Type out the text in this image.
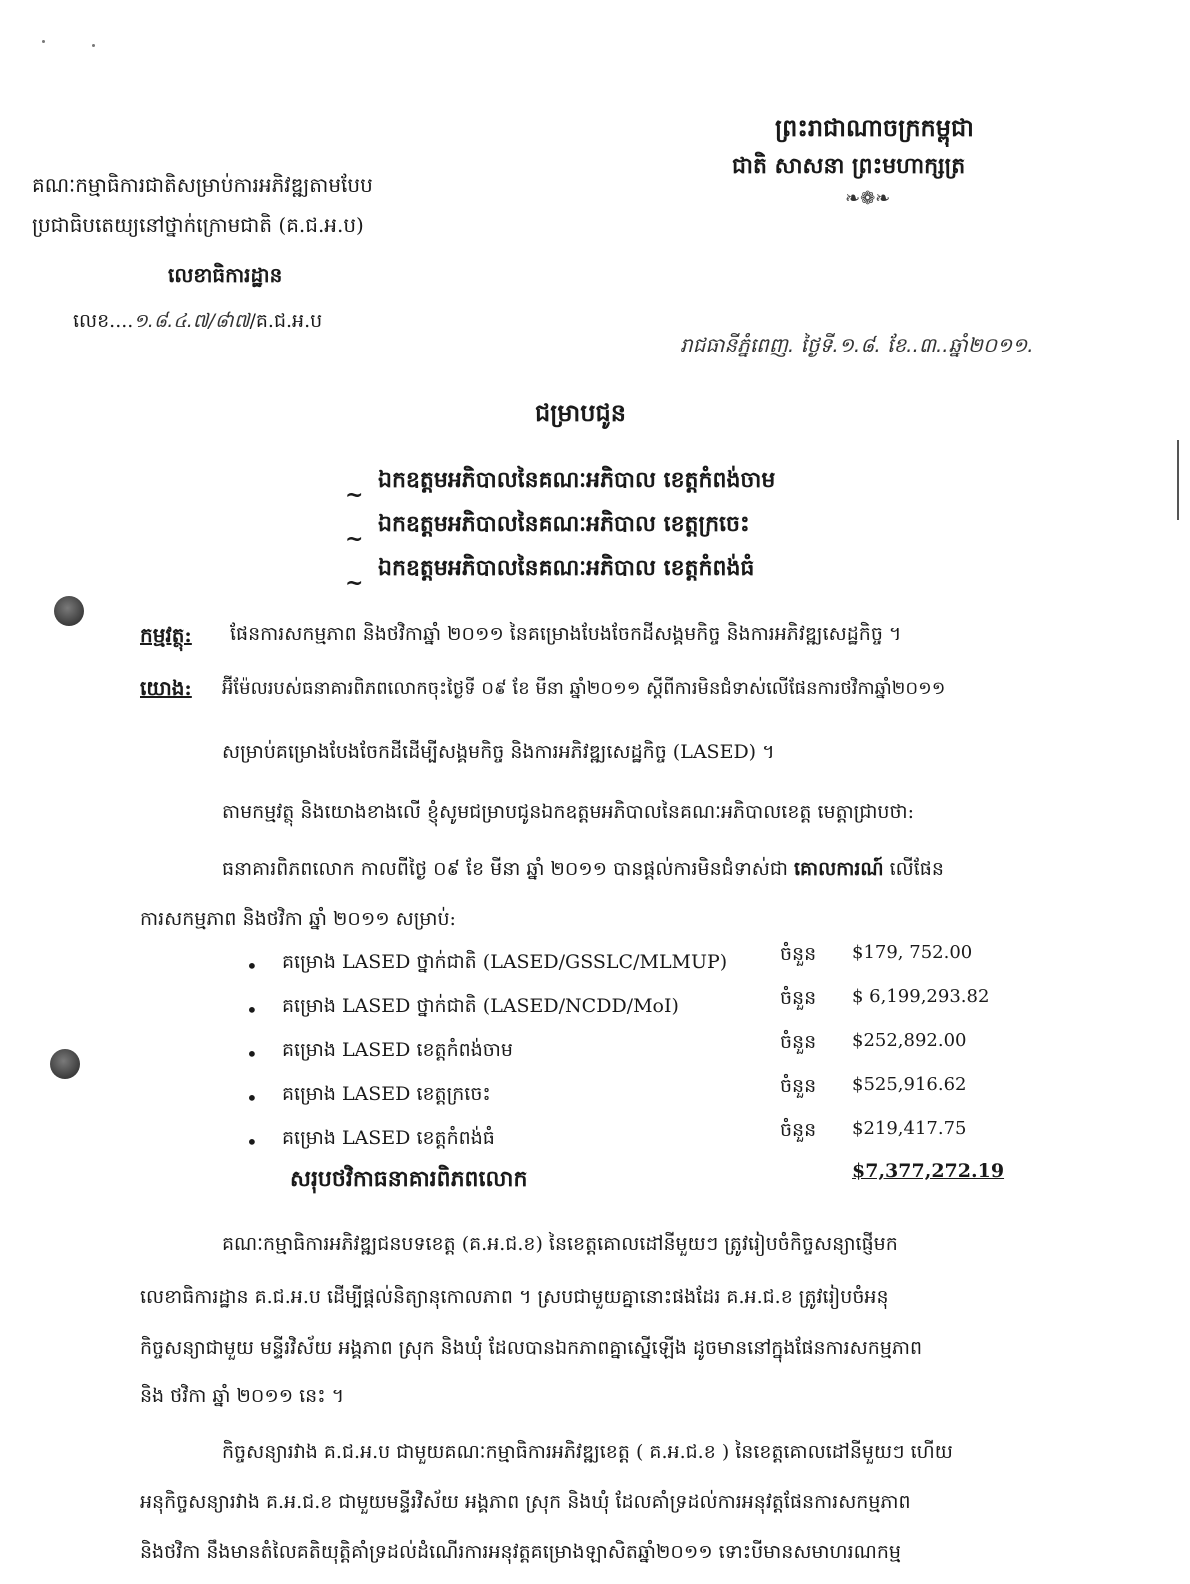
ព្រះរាជាណាចក្រកម្ពុជា
ជាតិ សាសនា ព្រះមហាក្សត្រ
❧❁❧
គណៈកម្មាធិការជាតិសម្រាប់ការអភិវឌ្ឍតាមបែប
ប្រជាធិបតេយ្យនៅថ្នាក់ក្រោមជាតិ (គ.ជ.អ.ប)
លេខាធិការដ្ឋាន
លេខ....១.៨.៤.៧/៨ា៧/គ.ជ.អ.ប
រាជធានីភ្នំពេញ. ថ្ងៃទី.១.៨. ខែ..៣..ឆ្នាំ២០១១.
ជម្រាបជូន
~
ឯកឧត្តមអភិបាលនៃគណៈអភិបាល ខេត្តកំពង់ចាម
~
ឯកឧត្តមអភិបាលនៃគណៈអភិបាល ខេត្តក្រចេះ
~
ឯកឧត្តមអភិបាលនៃគណៈអភិបាល ខេត្តកំពង់ធំ
កម្មវត្ថុ: ផែនការសកម្មភាព និងថវិកាឆ្នាំ ២០១១ នៃគម្រោងបែងចែកដីសង្គមកិច្ច និងការអភិវឌ្ឍសេដ្ឋកិច្ច ។
យោង: អ៊ីម៉ែលរបស់ធនាគារពិភពលោកចុះថ្ងៃទី ០៩ ខែ មីនា ឆ្នាំ២០១១ ស្តីពីការមិនជំទាស់លើផែនការថវិកាឆ្នាំ២០១១
សម្រាប់គម្រោងបែងចែកដីដើម្បីសង្គមកិច្ច និងការអភិវឌ្ឍសេដ្ឋកិច្ច (LASED) ។
តាមកម្មវត្ថុ និងយោងខាងលើ ខ្ញុំសូមជម្រាបជូនឯកឧត្តមអភិបាលនៃគណៈអភិបាលខេត្ត មេត្តាជ្រាបថា:
ធនាគារពិភពលោក កាលពីថ្ងៃ ០៩ ខែ មីនា ឆ្នាំ ២០១១ បានផ្តល់ការមិនជំទាស់ជា គោលការណ៍ លើផែន
ការសកម្មភាព និងថវិកា ឆ្នាំ ២០១១ សម្រាប់:
• គម្រោង LASED ថ្នាក់ជាតិ (LASED/GSSLC/MLMUP)	ចំនួន $179, 752.00
• គម្រោង LASED ថ្នាក់ជាតិ (LASED/NCDD/MoI)	ចំនួន $ 6,199,293.82
• គម្រោង LASED ខេត្តកំពង់ចាម	ចំនួន $252,892.00
• គម្រោង LASED ខេត្តក្រចេះ	ចំនួន $525,916.62
• គម្រោង LASED ខេត្តកំពង់ធំ	ចំនួន $219,417.75
សរុបថវិកាធនាគារពិភពលោក	$7,377,272.19
គណៈកម្មាធិការអភិវឌ្ឍជនបទខេត្ត (គ.អ.ជ.ខ) នៃខេត្តគោលដៅនីមួយៗ ត្រូវរៀបចំកិច្ចសន្យាផ្ញើមក
លេខាធិការដ្ឋាន គ.ជ.អ.ប ដើម្បីផ្តល់និត្យានុកោលភាព ។ ស្របជាមួយគ្នានោះផងដែរ គ.អ.ជ.ខ ត្រូវរៀបចំអនុ
កិច្ចសន្យាជាមួយ មន្ទីរវិស័យ អង្គភាព ស្រុក និងឃុំ ដែលបានឯកភាពគ្នាស្នើឡើង ដូចមាននៅក្នុងផែនការសកម្មភាព
និង ថវិកា ឆ្នាំ ២០១១ នេះ ។
កិច្ចសន្យារវាង គ.ជ.អ.ប ជាមួយគណៈកម្មាធិការអភិវឌ្ឍខេត្ត ( គ.អ.ជ.ខ ) នៃខេត្តគោលដៅនីមួយៗ ហើយ
អនុកិច្ចសន្យារវាង គ.អ.ជ.ខ ជាមួយមន្ទីរវិស័យ អង្គភាព ស្រុក និងឃុំ ដែលគាំទ្រដល់ការអនុវត្តផែនការសកម្មភាព
និងថវិកា នឹងមានតំលៃគតិយុត្តិគាំទ្រដល់ដំណើរការអនុវត្តគម្រោងឡាសិតឆ្នាំ២០១១ ទោះបីមានសមាហរណកម្ម
